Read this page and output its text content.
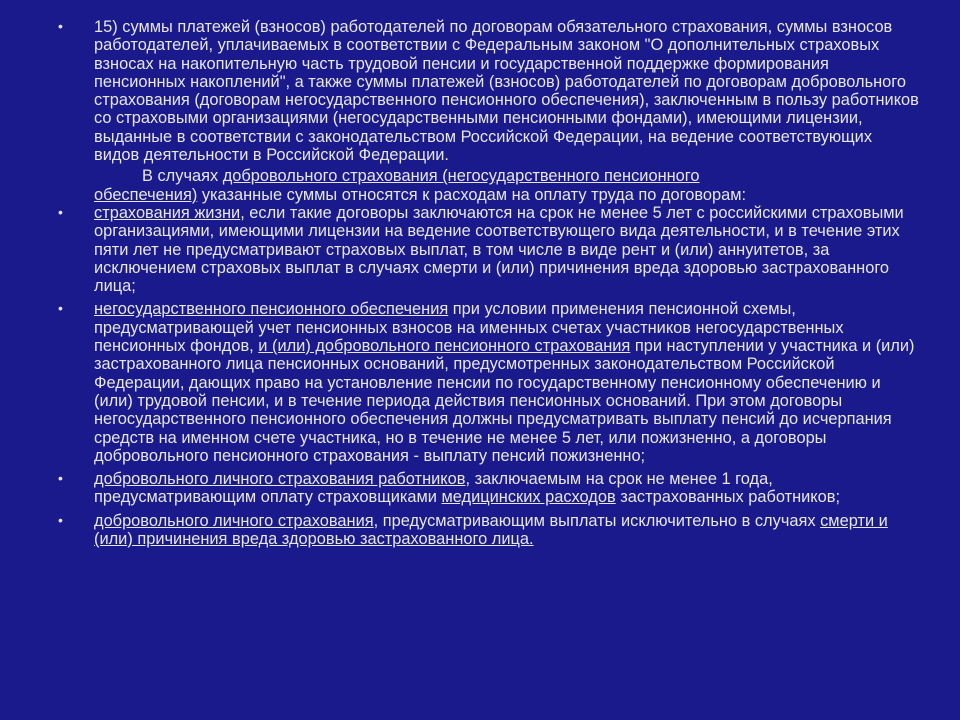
• 15) суммы платежей (взносов) работодателей по договорам обязательного страхования, суммы взносов работодателей, уплачиваемых в соответствии с Федеральным законом "О дополнительных страховых взносах на накопительную часть трудовой пенсии и государственной поддержке формирования пенсионных накоплений", а также суммы платежей (взносов) работодателей по договорам добровольного страхования (договорам негосударственного пенсионного обеспечения), заключенным в пользу работников со страховыми организациями (негосударственными пенсионными фондами), имеющими лицензии, выданные в соответствии с законодательством Российской Федерации, на ведение соответствующих видов деятельности в Российской Федерации.
В случаях добровольного страхования (негосударственного пенсионного
обеспечения) указанные суммы относятся к расходам на оплату труда по договорам:
• страхования жизни, если такие договоры заключаются на срок не менее 5 лет с российскими страховыми организациями, имеющими лицензии на ведение соответствующего вида деятельности, и в течение этих пяти лет не предусматривают страховых выплат, в том числе в виде рент и (или) аннуитетов, за исключением страховых выплат в случаях смерти и (или) причинения вреда здоровью застрахованного лица;
• негосударственного пенсионного обеспечения при условии применения пенсионной схемы, предусматривающей учет пенсионных взносов на именных счетах участников негосударственных пенсионных фондов, и (или) добровольного пенсионного страхования при наступлении у участника и (или) застрахованного лица пенсионных оснований, предусмотренных законодательством Российской Федерации, дающих право на установление пенсии по государственному пенсионному обеспечению и (или) трудовой пенсии, и в течение периода действия пенсионных оснований. При этом договоры негосударственного пенсионного обеспечения должны предусматривать выплату пенсий до исчерпания средств на именном счете участника, но в течение не менее 5 лет, или пожизненно, а договоры добровольного пенсионного страхования - выплату пенсий пожизненно;
• добровольного личного страхования работников, заключаемым на срок не менее 1 года, предусматривающим оплату страховщиками медицинских расходов застрахованных работников;
• добровольного личного страхования, предусматривающим выплаты исключительно в случаях смерти и (или) причинения вреда здоровью застрахованного лица.
